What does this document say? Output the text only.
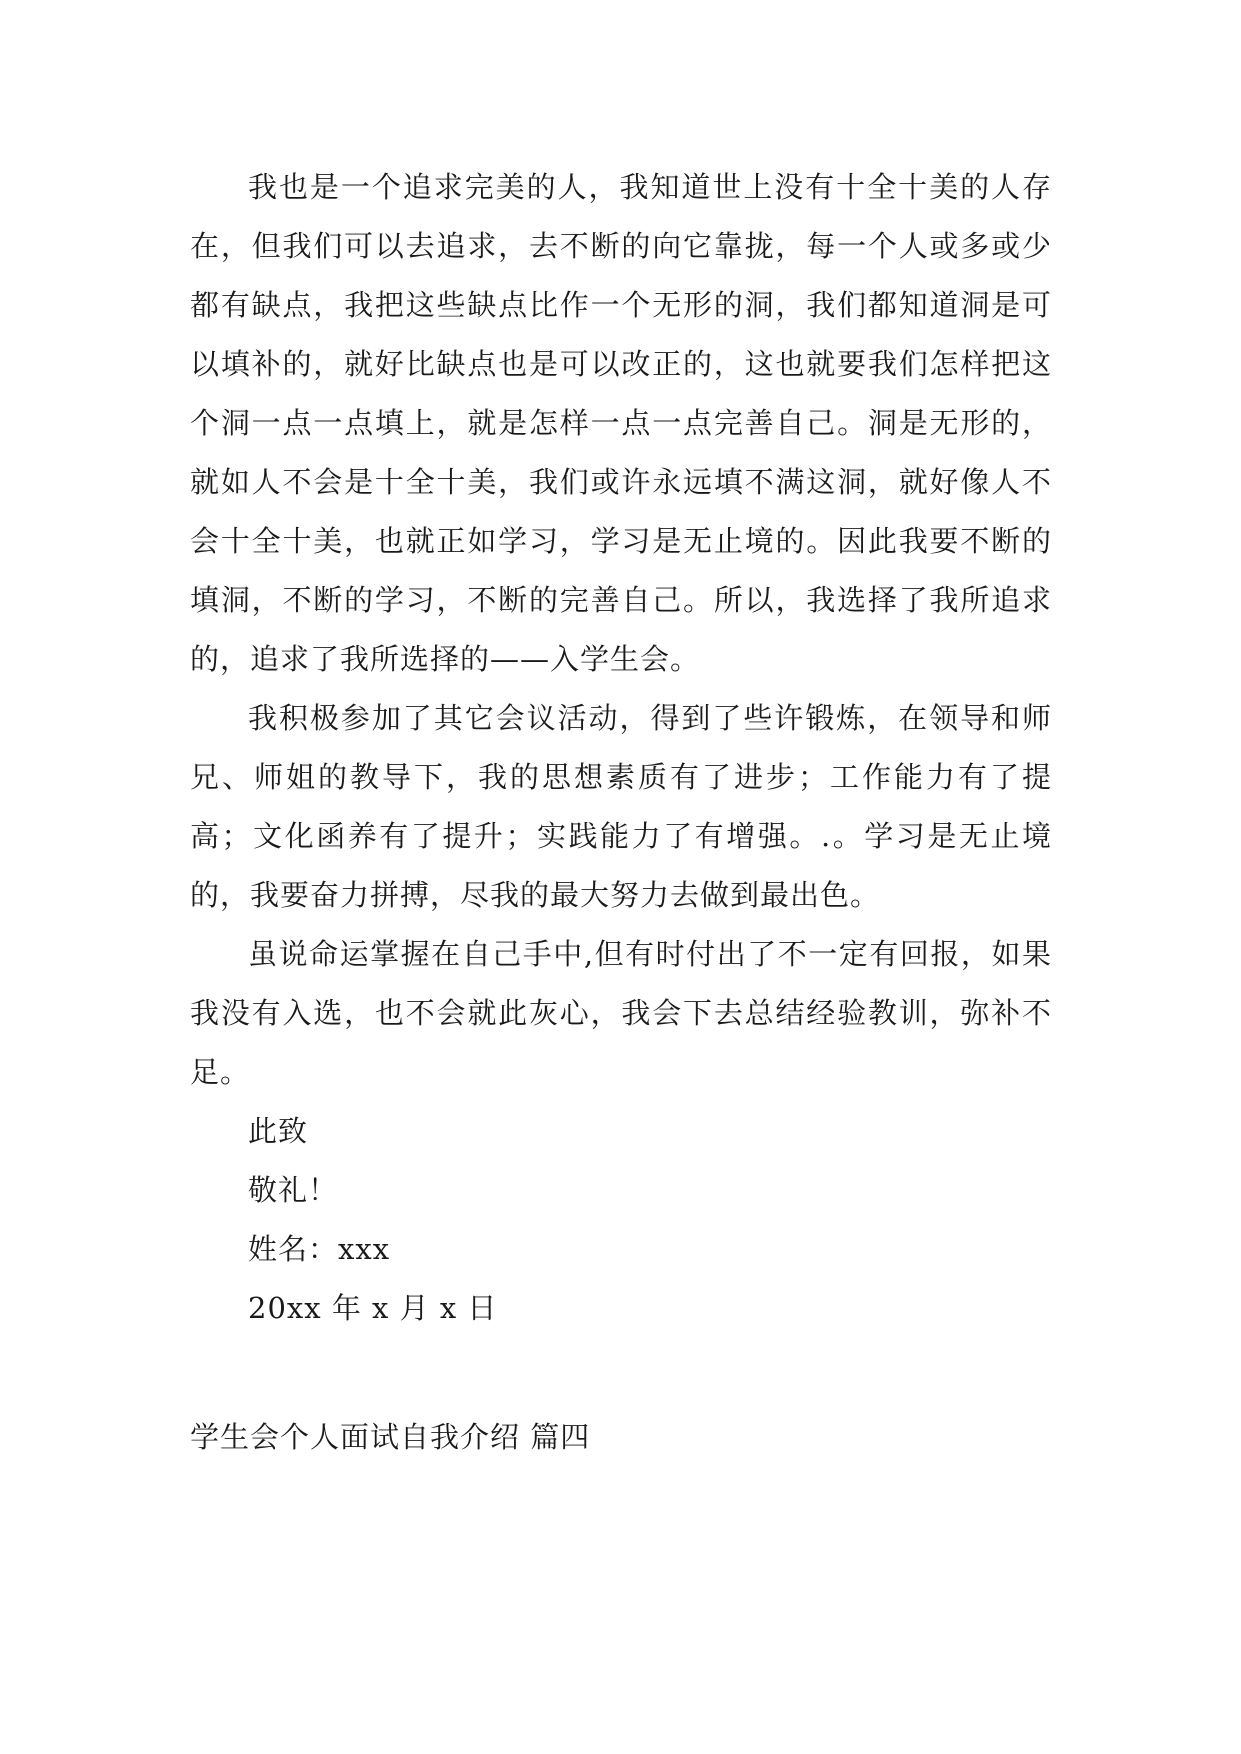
我也是一个追求完美的人，我知道世上没有十全十美的人存在，但我们可以去追求，去不断的向它靠拢，每一个人或多或少都有缺点，我把这些缺点比作一个无形的洞，我们都知道洞是可以填补的，就好比缺点也是可以改正的，这也就要我们怎样把这个洞一点一点填上，就是怎样一点一点完善自己。洞是无形的，就如人不会是十全十美，我们或许永远填不满这洞，就好像人不会十全十美，也就正如学习，学习是无止境的。因此我要不断的填洞，不断的学习，不断的完善自己。所以，我选择了我所追求的，追求了我所选择的——入学生会。

我积极参加了其它会议活动，得到了些许锻炼，在领导和师兄、师姐的教导下，我的思想素质有了进步；工作能力有了提高；文化函养有了提升；实践能力了有增强。.。学习是无止境的，我要奋力拼搏，尽我的最大努力去做到最出色。

虽说命运掌握在自己手中,但有时付出了不一定有回报，如果我没有入选，也不会就此灰心，我会下去总结经验教训，弥补不足。

此致

敬礼！

姓名：xxx

20xx 年 x 月 x 日

学生会个人面试自我介绍 篇四
